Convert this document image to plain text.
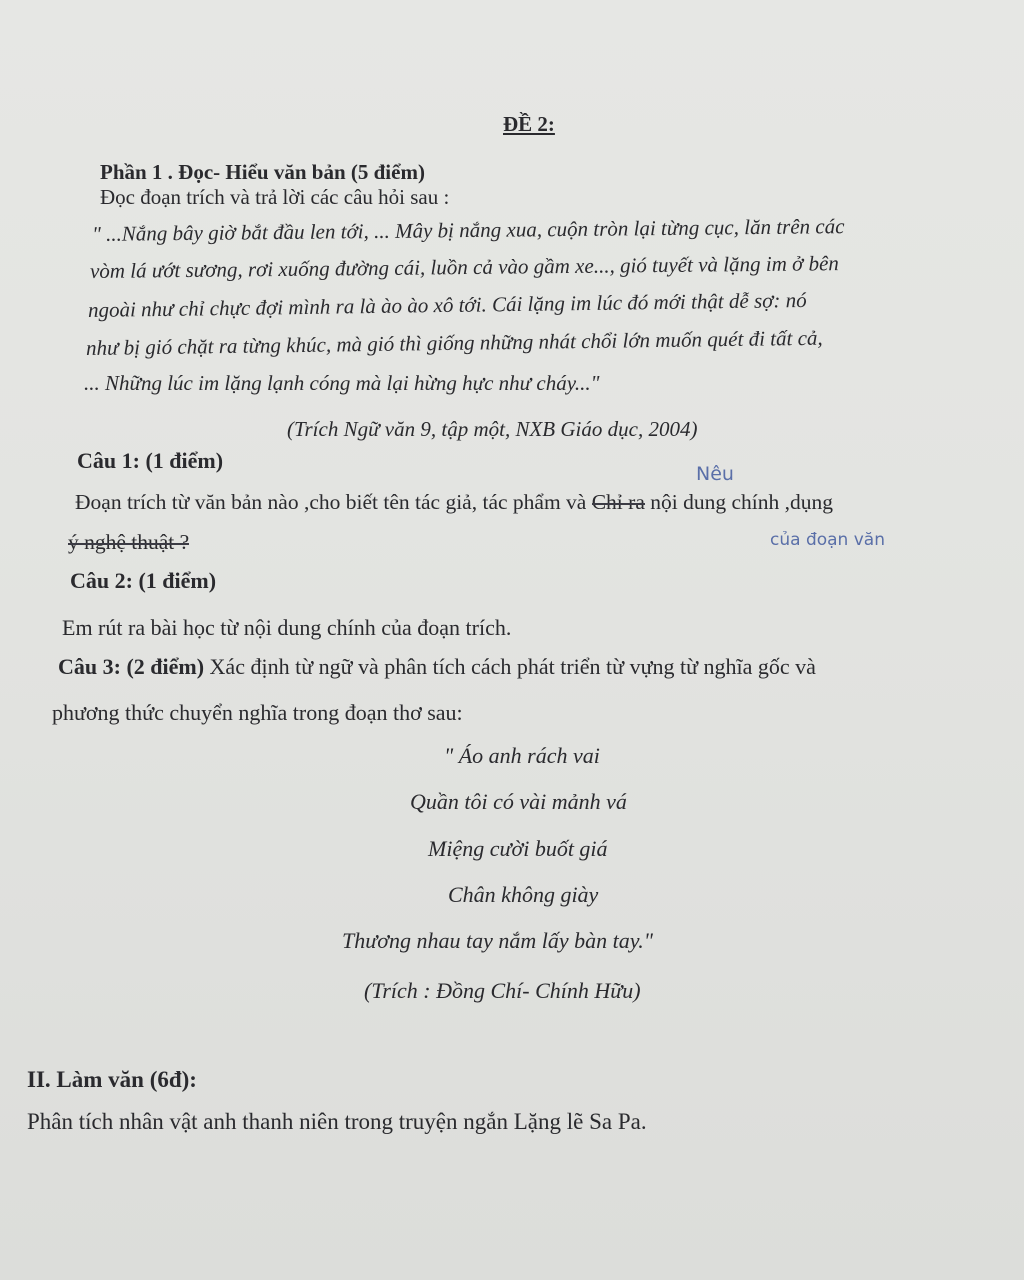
ĐỀ 2:
Phần 1 . Đọc- Hiểu văn bản (5 điểm)
Đọc đoạn trích và trả lời các câu hỏi sau :
" ...Nắng bây giờ bắt đầu len tới, ... Mây bị nắng xua, cuộn tròn lại từng cục, lăn trên các
vòm lá ướt sương, rơi xuống đường cái, luồn cả vào gầm xe..., gió tuyết và lặng im ở bên
ngoài như chỉ chực đợi mình ra là ào ào xô tới. Cái lặng im lúc đó mới thật dễ sợ: nó
như bị gió chặt ra từng khúc, mà gió thì giống những nhát chổi lớn muốn quét đi tất cả,
... Những lúc im lặng lạnh cóng mà lại hừng hực như cháy..."
(Trích Ngữ văn 9, tập một, NXB Giáo dục, 2004)
Câu 1: (1 điểm)
Đoạn trích từ văn bản nào ,cho biết tên tác giả, tác phẩm và Chỉ ra nội dung chính ,dụng
ý nghệ thuật ?
Nêu
của đoạn văn
Câu 2: (1 điểm)
Em rút ra bài học từ nội dung chính của đoạn trích.
Câu 3: (2 điểm) Xác định từ ngữ và phân tích cách phát triển từ vựng từ nghĩa gốc và
phương thức chuyển nghĩa trong đoạn thơ sau:
" Áo anh rách vai
Quần tôi có vài mảnh vá
Miệng cười buốt giá
Chân không giày
Thương nhau tay nắm lấy bàn tay."
(Trích : Đồng Chí- Chính Hữu)
II. Làm văn (6đ):
Phân tích nhân vật anh thanh niên trong truyện ngắn Lặng lẽ Sa Pa.
